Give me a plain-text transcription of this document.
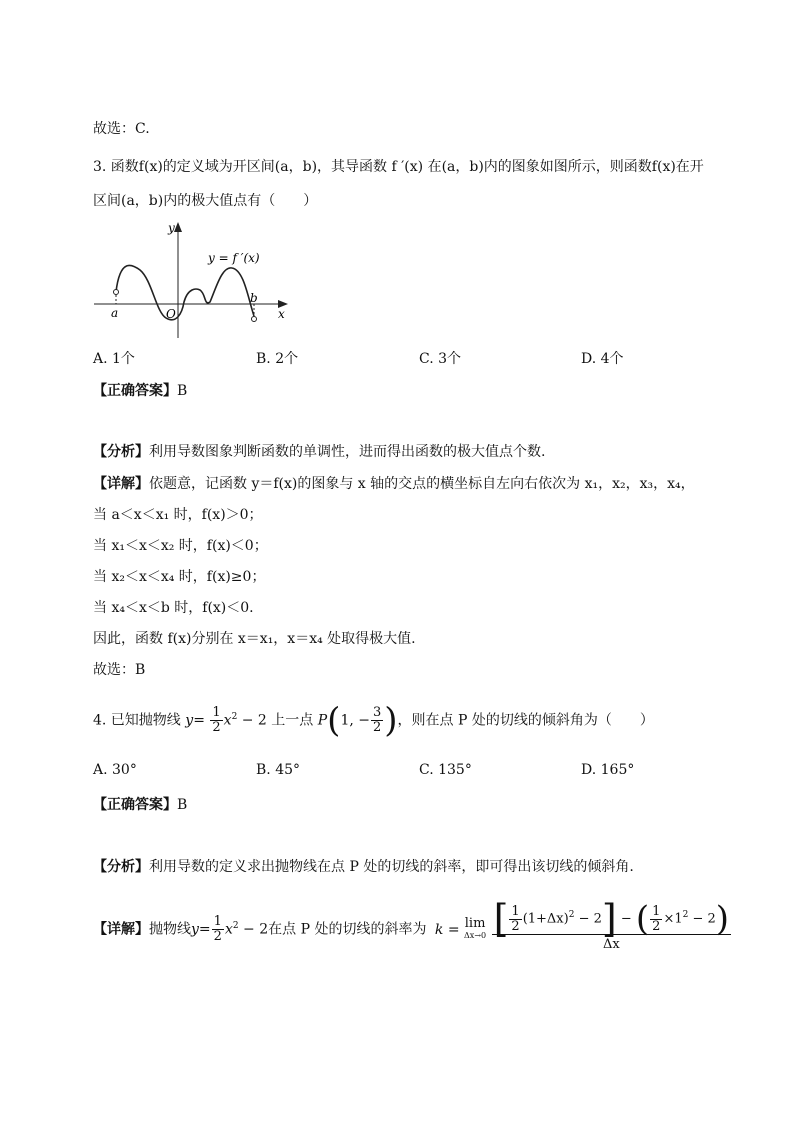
故选：C.
3. 函数f(x)的定义域为开区间(a，b)，其导函数 f ′(x) 在(a，b)内的图象如图所示，则函数f(x)在开
区间(a，b)内的极大值点有（　　）
y
x
O
a
b
y = f ′(x)
A. 1个	B. 2个	C. 3个	D. 4个
【正确答案】B
【分析】利用导数图象判断函数的单调性，进而得出函数的极大值点个数.
【详解】依题意，记函数 y＝f(x)的图象与 x 轴的交点的横坐标自左向右依次为 x₁，x₂，x₃，x₄，
当 a＜x＜x₁ 时，f(x)＞0；
当 x₁＜x＜x₂ 时，f(x)＜0；
当 x₂＜x＜x₄ 时，f(x)≥0；
当 x₄＜x＜b 时，f(x)＜0.
因此，函数 f(x)分别在 x＝x₁，x＝x₄ 处取得极大值.
故选：B
4. 已知抛物线 $y= \frac{1}{2} x^2 - 2$ 上一点 P(1, − $\frac{3}{2}$ )，则在点 P 处的切线的倾斜角为（　　）
A. 30°	B. 45°	C. 135°	D. 165°
【正确答案】B
【分析】利用导数的定义求出抛物线在点 P 处的切线的斜率，即可得出该切线的倾斜角.
【详解】抛物线$y= \frac{1}{2} x^2 - 2$在点 P 处的切线的斜率为 k = lim
Δx→0
$\frac{[ \frac{1}{2} (1+\Delta x)^2 - 2] - ( \frac{1}{2} \times 1^2 - 2)}{\Delta x}$
